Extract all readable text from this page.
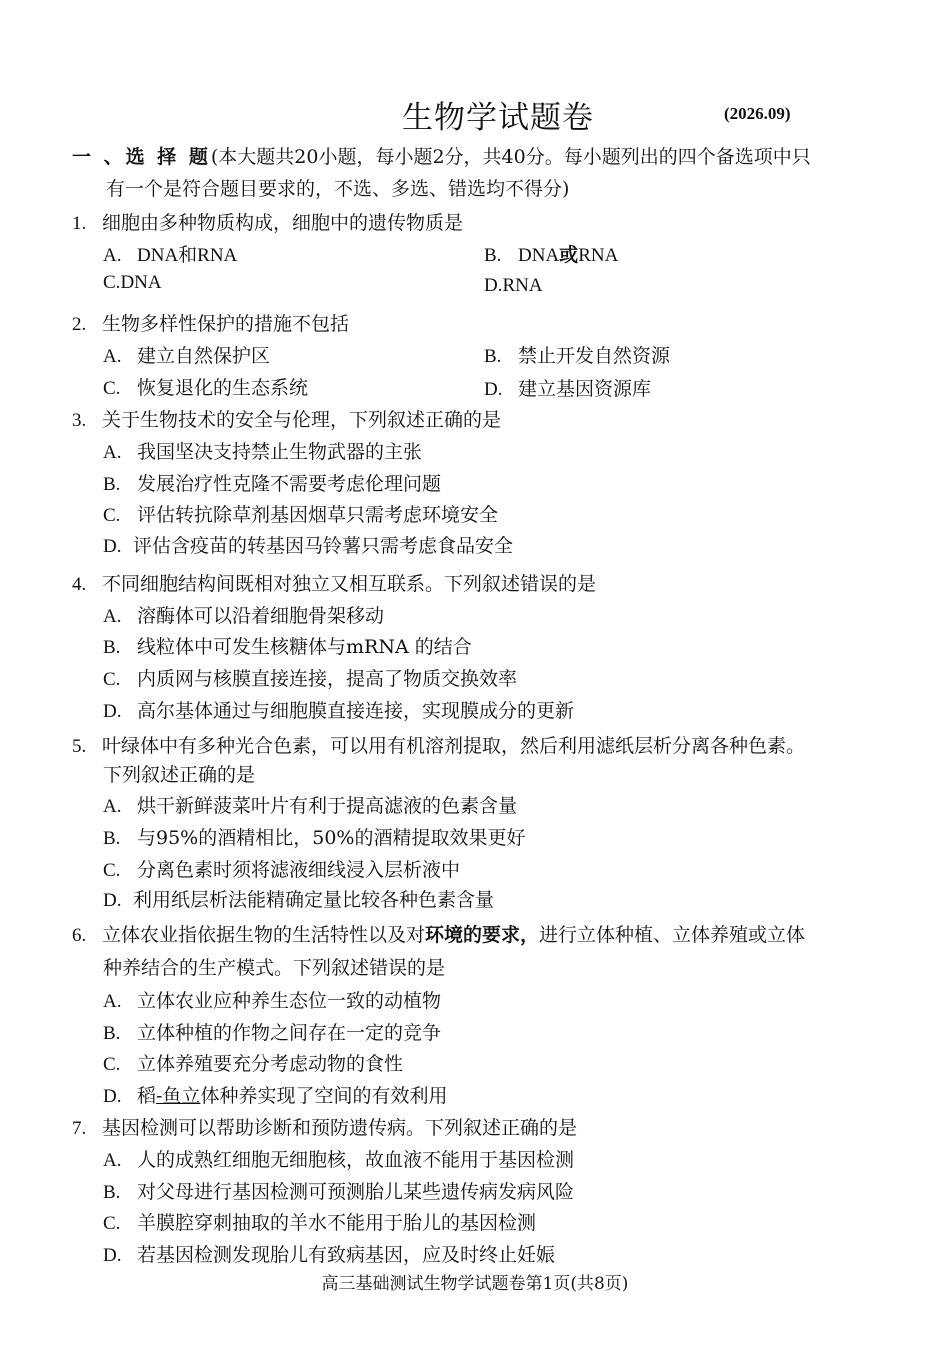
生物学试题卷	(2026.09)
一 、选 择 题(本大题共20小题，每小题2分，共40分。每小题列出的四个备选项中只
有一个是符合题目要求的，不选、多选、错选均不得分)
1. 细胞由多种物质构成，细胞中的遗传物质是
A. DNA和RNA	B. DNA或RNA
C.DNA	D.RNA
2. 生物多样性保护的措施不包括
A. 建立自然保护区	B. 禁止开发自然资源
C. 恢复退化的生态系统	D. 建立基因资源库
3. 关于生物技术的安全与伦理，下列叙述正确的是
A. 我国坚决支持禁止生物武器的主张
B. 发展治疗性克隆不需要考虑伦理问题
C. 评估转抗除草剂基因烟草只需考虑环境安全
D. 评估含疫苗的转基因马铃薯只需考虑食品安全
4. 不同细胞结构间既相对独立又相互联系。下列叙述错误的是
A. 溶酶体可以沿着细胞骨架移动
B. 线粒体中可发生核糖体与mRNA 的结合
C. 内质网与核膜直接连接，提高了物质交换效率
D. 高尔基体通过与细胞膜直接连接，实现膜成分的更新
5. 叶绿体中有多种光合色素，可以用有机溶剂提取，然后利用滤纸层析分离各种色素。
下列叙述正确的是
A. 烘干新鲜菠菜叶片有利于提高滤液的色素含量
B. 与95%的酒精相比，50%的酒精提取效果更好
C. 分离色素时须将滤液细线浸入层析液中
D. 利用纸层析法能精确定量比较各种色素含量
6. 立体农业指依据生物的生活特性以及对环境的要求，进行立体种植、立体养殖或立体
种养结合的生产模式。下列叙述错误的是
A. 立体农业应种养生态位一致的动植物
B. 立体种植的作物之间存在一定的竞争
C. 立体养殖要充分考虑动物的食性
D. 稻-鱼立体种养实现了空间的有效利用
7. 基因检测可以帮助诊断和预防遗传病。下列叙述正确的是
A. 人的成熟红细胞无细胞核，故血液不能用于基因检测
B. 对父母进行基因检测可预测胎儿某些遗传病发病风险
C. 羊膜腔穿刺抽取的羊水不能用于胎儿的基因检测
D. 若基因检测发现胎儿有致病基因，应及时终止妊娠
高三基础测试生物学试题卷第1页(共8页)
